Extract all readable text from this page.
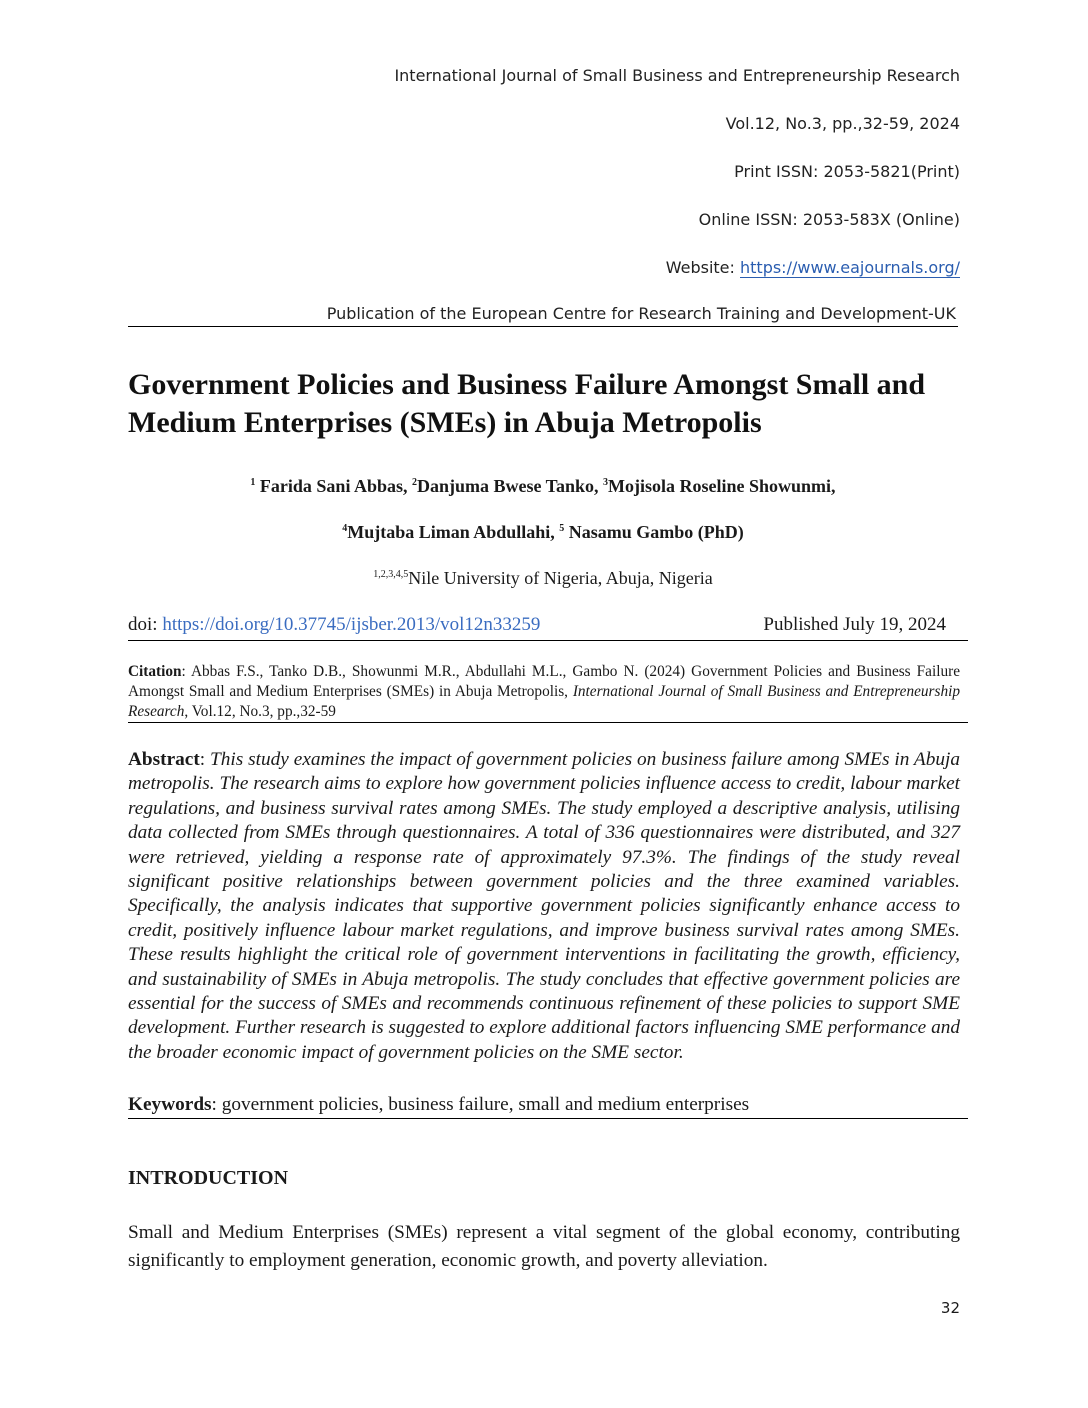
International Journal of Small Business and Entrepreneurship Research
Vol.12, No.3, pp.,32-59, 2024
Print ISSN: 2053-5821(Print)
Online ISSN: 2053-583X (Online)
Website: https://www.eajournals.org/
Publication of the European Centre for Research Training and Development-UK
Government Policies and Business Failure Amongst Small and Medium Enterprises (SMEs) in Abuja Metropolis
$^1$ Farida Sani Abbas, $^2$Danjuma Bwese Tanko, $^3$Mojisola Roseline Showunmi,
$^4$Mujtaba Liman Abdullahi, $^5$ Nasamu Gambo (PhD)
$^{1,2,3,4,5}$Nile University of Nigeria, Abuja, Nigeria
doi: https://doi.org/10.37745/ijsber.2013/vol12n33259	Published July 19, 2024
Citation: Abbas F.S., Tanko D.B., Showunmi M.R., Abdullahi M.L., Gambo N. (2024) Government Policies and Business Failure Amongst Small and Medium Enterprises (SMEs) in Abuja Metropolis, International Journal of Small Business and Entrepreneurship Research, Vol.12, No.3, pp.,32-59

Abstract: This study examines the impact of government policies on business failure among SMEs in Abuja metropolis. The research aims to explore how government policies influence access to credit, labour market regulations, and business survival rates among SMEs. The study employed a descriptive analysis, utilising data collected from SMEs through questionnaires. A total of 336 questionnaires were distributed, and 327 were retrieved, yielding a response rate of approximately 97.3%. The findings of the study reveal significant positive relationships between government policies and the three examined variables. Specifically, the analysis indicates that supportive government policies significantly enhance access to credit, positively influence labour market regulations, and improve business survival rates among SMEs. These results highlight the critical role of government interventions in facilitating the growth, efficiency, and sustainability of SMEs in Abuja metropolis. The study concludes that effective government policies are essential for the success of SMEs and recommends continuous refinement of these policies to support SME development. Further research is suggested to explore additional factors influencing SME performance and the broader economic impact of government policies on the SME sector.

Keywords: government policies, business failure, small and medium enterprises
INTRODUCTION

Small and Medium Enterprises (SMEs) represent a vital segment of the global economy, contributing significantly to employment generation, economic growth, and poverty alleviation.

32
